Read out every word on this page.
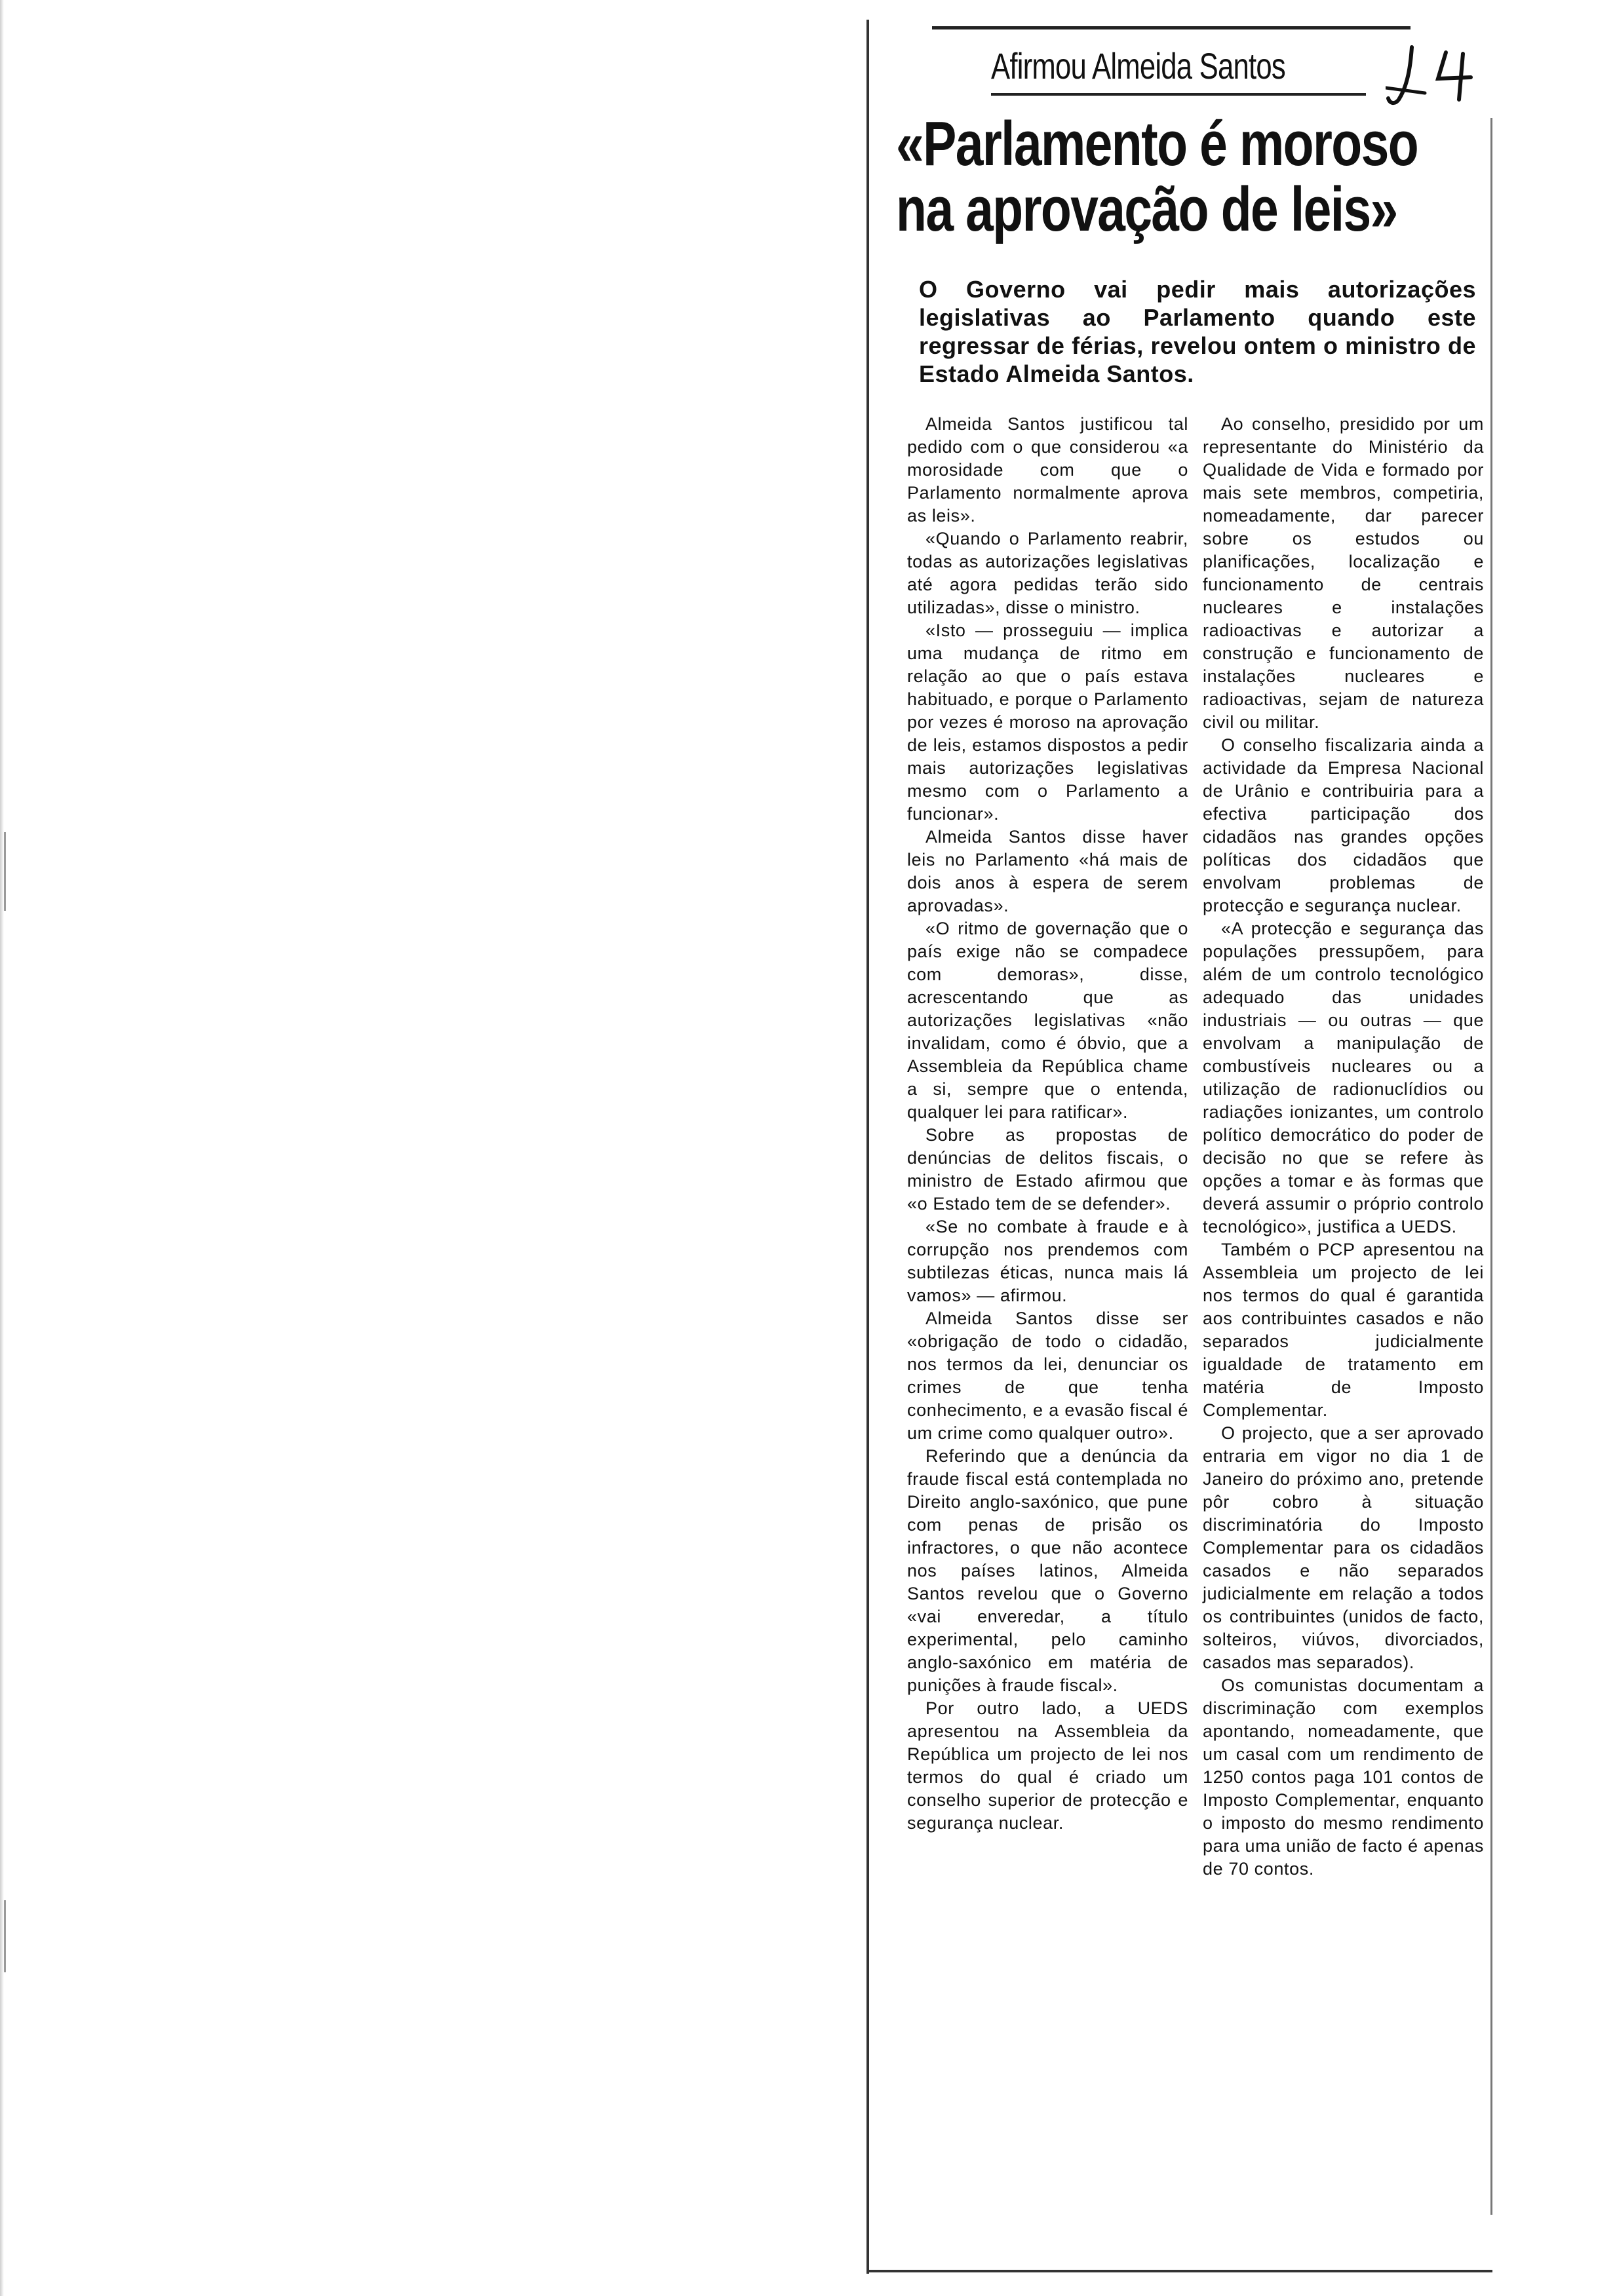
Afirmou Almeida Santos
«Parlamento é moroso
na aprovação de leis»
O Governo vai pedir mais autorizações legislativas ao Parlamento quando este regressar de férias, revelou ontem o ministro de Estado Almeida Santos.

Almeida Santos justificou tal pedido com o que considerou «a morosidade com que o Parlamento normalmente aprova as leis».

«Quando o Parlamento reabrir, todas as autorizações legislativas até agora pedidas terão sido utilizadas», disse o ministro.

«Isto — prosseguiu — implica uma mudança de ritmo em relação ao que o país estava habituado, e porque o Parlamento por vezes é moroso na aprovação de leis, estamos dispostos a pedir mais autorizações legislativas mesmo com o Parlamento a funcionar».

Almeida Santos disse haver leis no Parlamento «há mais de dois anos à espera de serem aprovadas».

«O ritmo de governação que o país exige não se compadece com demoras», disse, acrescentando que as autorizações legislativas «não invalidam, como é óbvio, que a Assembleia da República chame a si, sempre que o entenda, qualquer lei para ratificar».

Sobre as propostas de denúncias de delitos fiscais, o ministro de Estado afirmou que «o Estado tem de se defender».

«Se no combate à fraude e à corrupção nos prendemos com subtilezas éticas, nunca mais lá vamos» — afirmou.

Almeida Santos disse ser «obrigação de todo o cidadão, nos termos da lei, denunciar os crimes de que tenha conhecimento, e a evasão fiscal é um crime como qualquer outro».

Referindo que a denúncia da fraude fiscal está contemplada no Direito anglo-saxónico, que pune com penas de prisão os infractores, o que não acontece nos países latinos, Almeida Santos revelou que o Governo «vai enveredar, a título experimental, pelo caminho anglo-saxónico em matéria de punições à fraude fiscal».

Por outro lado, a UEDS apresentou na Assembleia da República um projecto de lei nos termos do qual é criado um conselho superior de protecção e segurança nuclear.

Ao conselho, presidido por um representante do Ministério da Qualidade de Vida e formado por mais sete membros, competiria, nomeadamente, dar parecer sobre os estudos ou planificações, localização e funcionamento de centrais nucleares e instalações radioactivas e autorizar a construção e funcionamento de instalações nucleares e radioactivas, sejam de natureza civil ou militar.

O conselho fiscalizaria ainda a actividade da Empresa Nacional de Urânio e contribuiria para a efectiva participação dos cidadãos nas grandes opções políticas dos cidadãos que envolvam problemas de protecção e segurança nuclear.

«A protecção e segurança das populações pressupõem, para além de um controlo tecnológico adequado das unidades industriais — ou outras — que envolvam a manipulação de combustíveis nucleares ou a utilização de radionuclídios ou radiações ionizantes, um controlo político democrático do poder de decisão no que se refere às opções a tomar e às formas que deverá assumir o próprio controlo tecnológico», justifica a UEDS.

Também o PCP apresentou na Assembleia um projecto de lei nos termos do qual é garantida aos contribuintes casados e não separados judicialmente igualdade de tratamento em matéria de Imposto Complementar.

O projecto, que a ser aprovado entraria em vigor no dia 1 de Janeiro do próximo ano, pretende pôr cobro à situação discriminatória do Imposto Complementar para os cidadãos casados e não separados judicialmente em relação a todos os contribuintes (unidos de facto, solteiros, viúvos, divorciados, casados mas separados).

Os comunistas documentam a discriminação com exemplos apontando, nomeadamente, que um casal com um rendimento de 1250 contos paga 101 contos de Imposto Complementar, enquanto o imposto do mesmo rendimento para uma união de facto é apenas de 70 contos.
